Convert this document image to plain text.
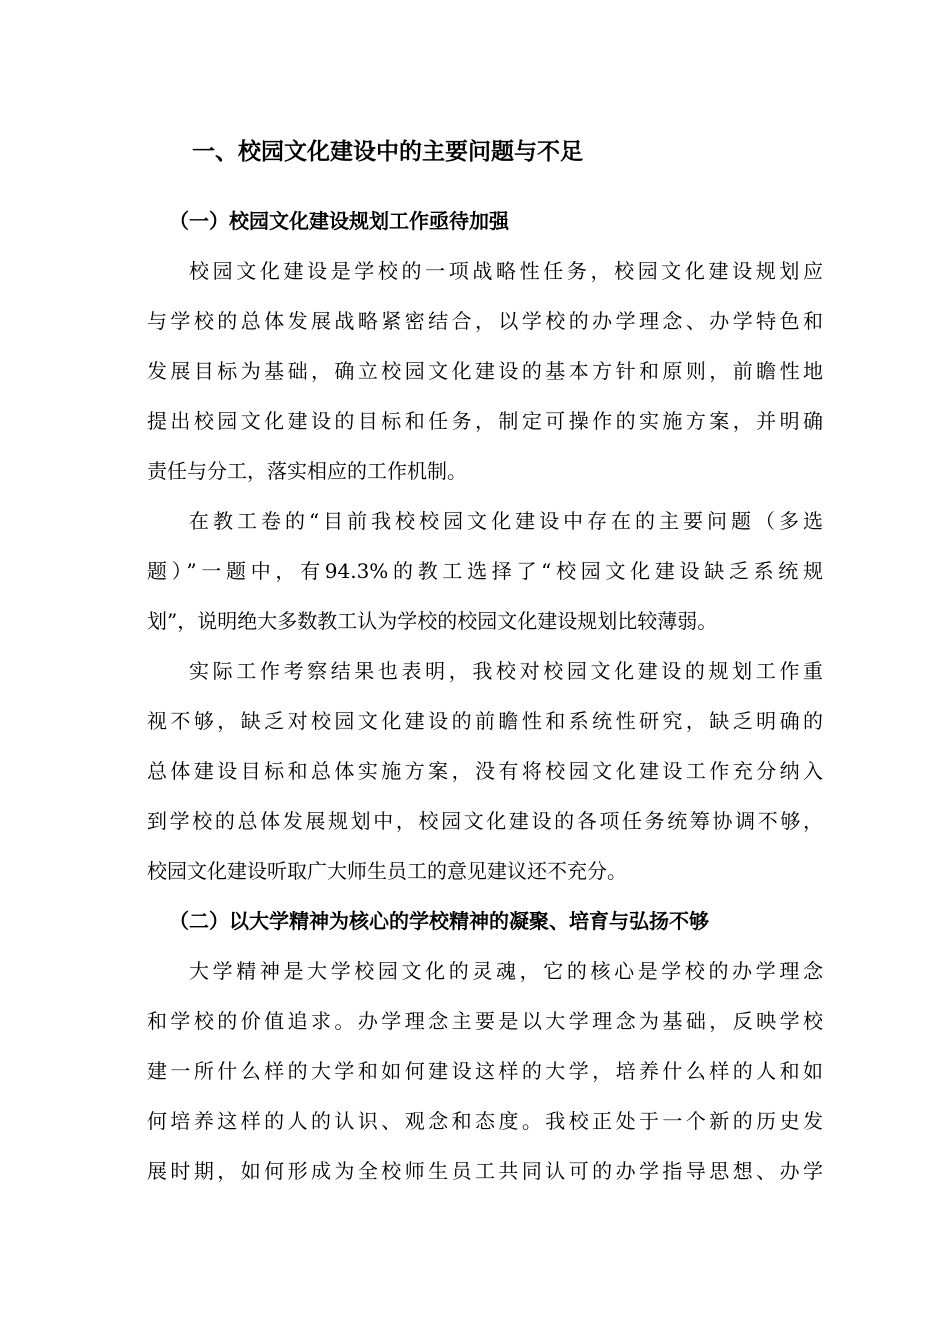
一、校园文化建设中的主要问题与不足
（一）校园文化建设规划工作亟待加强
校园文化建设是学校的一项战略性任务，校园文化建设规划应
与学校的总体发展战略紧密结合，以学校的办学理念、办学特色和
发展目标为基础，确立校园文化建设的基本方针和原则，前瞻性地
提出校园文化建设的目标和任务，制定可操作的实施方案，并明确
责任与分工，落实相应的工作机制。
在教工卷的“目前我校校园文化建设中存在的主要问题（多选
题）”一题中，有94.3%的教工选择了“校园文化建设缺乏系统规
划”，说明绝大多数教工认为学校的校园文化建设规划比较薄弱。
实际工作考察结果也表明，我校对校园文化建设的规划工作重
视不够，缺乏对校园文化建设的前瞻性和系统性研究，缺乏明确的
总体建设目标和总体实施方案，没有将校园文化建设工作充分纳入
到学校的总体发展规划中，校园文化建设的各项任务统筹协调不够，
校园文化建设听取广大师生员工的意见建议还不充分。
（二）以大学精神为核心的学校精神的凝聚、培育与弘扬不够
大学精神是大学校园文化的灵魂，它的核心是学校的办学理念
和学校的价值追求。办学理念主要是以大学理念为基础，反映学校
建一所什么样的大学和如何建设这样的大学，培养什么样的人和如
何培养这样的人的认识、观念和态度。我校正处于一个新的历史发
展时期，如何形成为全校师生员工共同认可的办学指导思想、办学
